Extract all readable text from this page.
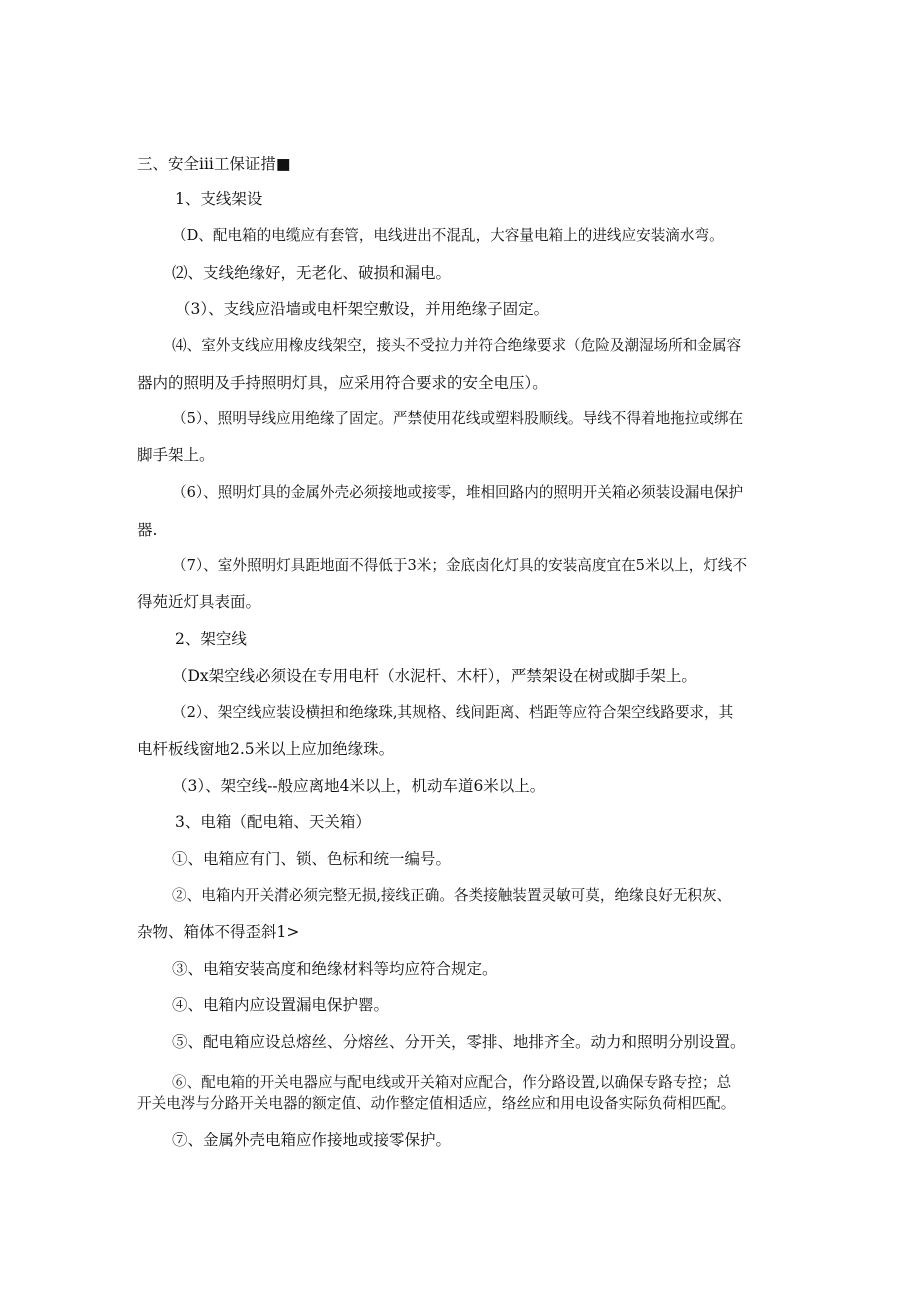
三、安全iii工保证措■

1、支线架设

（D、配电箱的电缆应有套管，电线进出不混乱，大容量电箱上的进线应安装滴水弯。

⑵、支线绝缘好，无老化、破损和漏电。

（3）、支线应沿墙或电杆架空敷设，并用绝缘子固定。

⑷、室外支线应用橡皮线架空，接头不受拉力并符合绝缘要求（危险及潮湿场所和金属容

器内的照明及手持照明灯具，应采用符合要求的安全电压）。

（5）、照明导线应用绝缘了固定。严禁使用花线或塑料股顺线。导线不得着地拖拉或绑在

脚手架上。

（6）、照明灯具的金属外壳必须接地或接零，堆相回路内的照明开关箱必须装设漏电保护

器.

（7）、室外照明灯具距地面不得低于3米；金底卤化灯具的安装高度宜在5米以上，灯线不

得苑近灯具表面。

2、架空线

（Dx架空线必须设在专用电杆（水泥杆、木杆），严禁架设在树或脚手架上。

（2）、架空线应装设横担和绝缘珠,其规格、线间距离、档距等应符合架空线路要求，其

电杆板线窗地2.5米以上应加绝缘珠。

（3）、架空线--般应离地4米以上，机动车道6米以上。

3、电箱（配电箱、天关箱）

①、电箱应有门、锁、色标和统一编号。

②、电箱内开关潸必须完整无损,接线正确。各类接触装置灵敏可莫，绝缘良好无积灰、

杂物、箱体不得歪斜1>

③、电箱安装高度和绝缘材料等均应符合规定。

④、电箱内应设置漏电保护罂。

⑤、配电箱应设总熔丝、分熔丝、分开关，零排、地排齐全。动力和照明分别设置。

⑥、配电箱的开关电器应与配电线或开关箱对应配合，作分路设置,以确保专路专控；总

开关电涔与分路开关电器的额定值、动作整定值相适应，络丝应和用电设备实际负荷相匹配。

⑦、金属外壳电箱应作接地或接零保护。
